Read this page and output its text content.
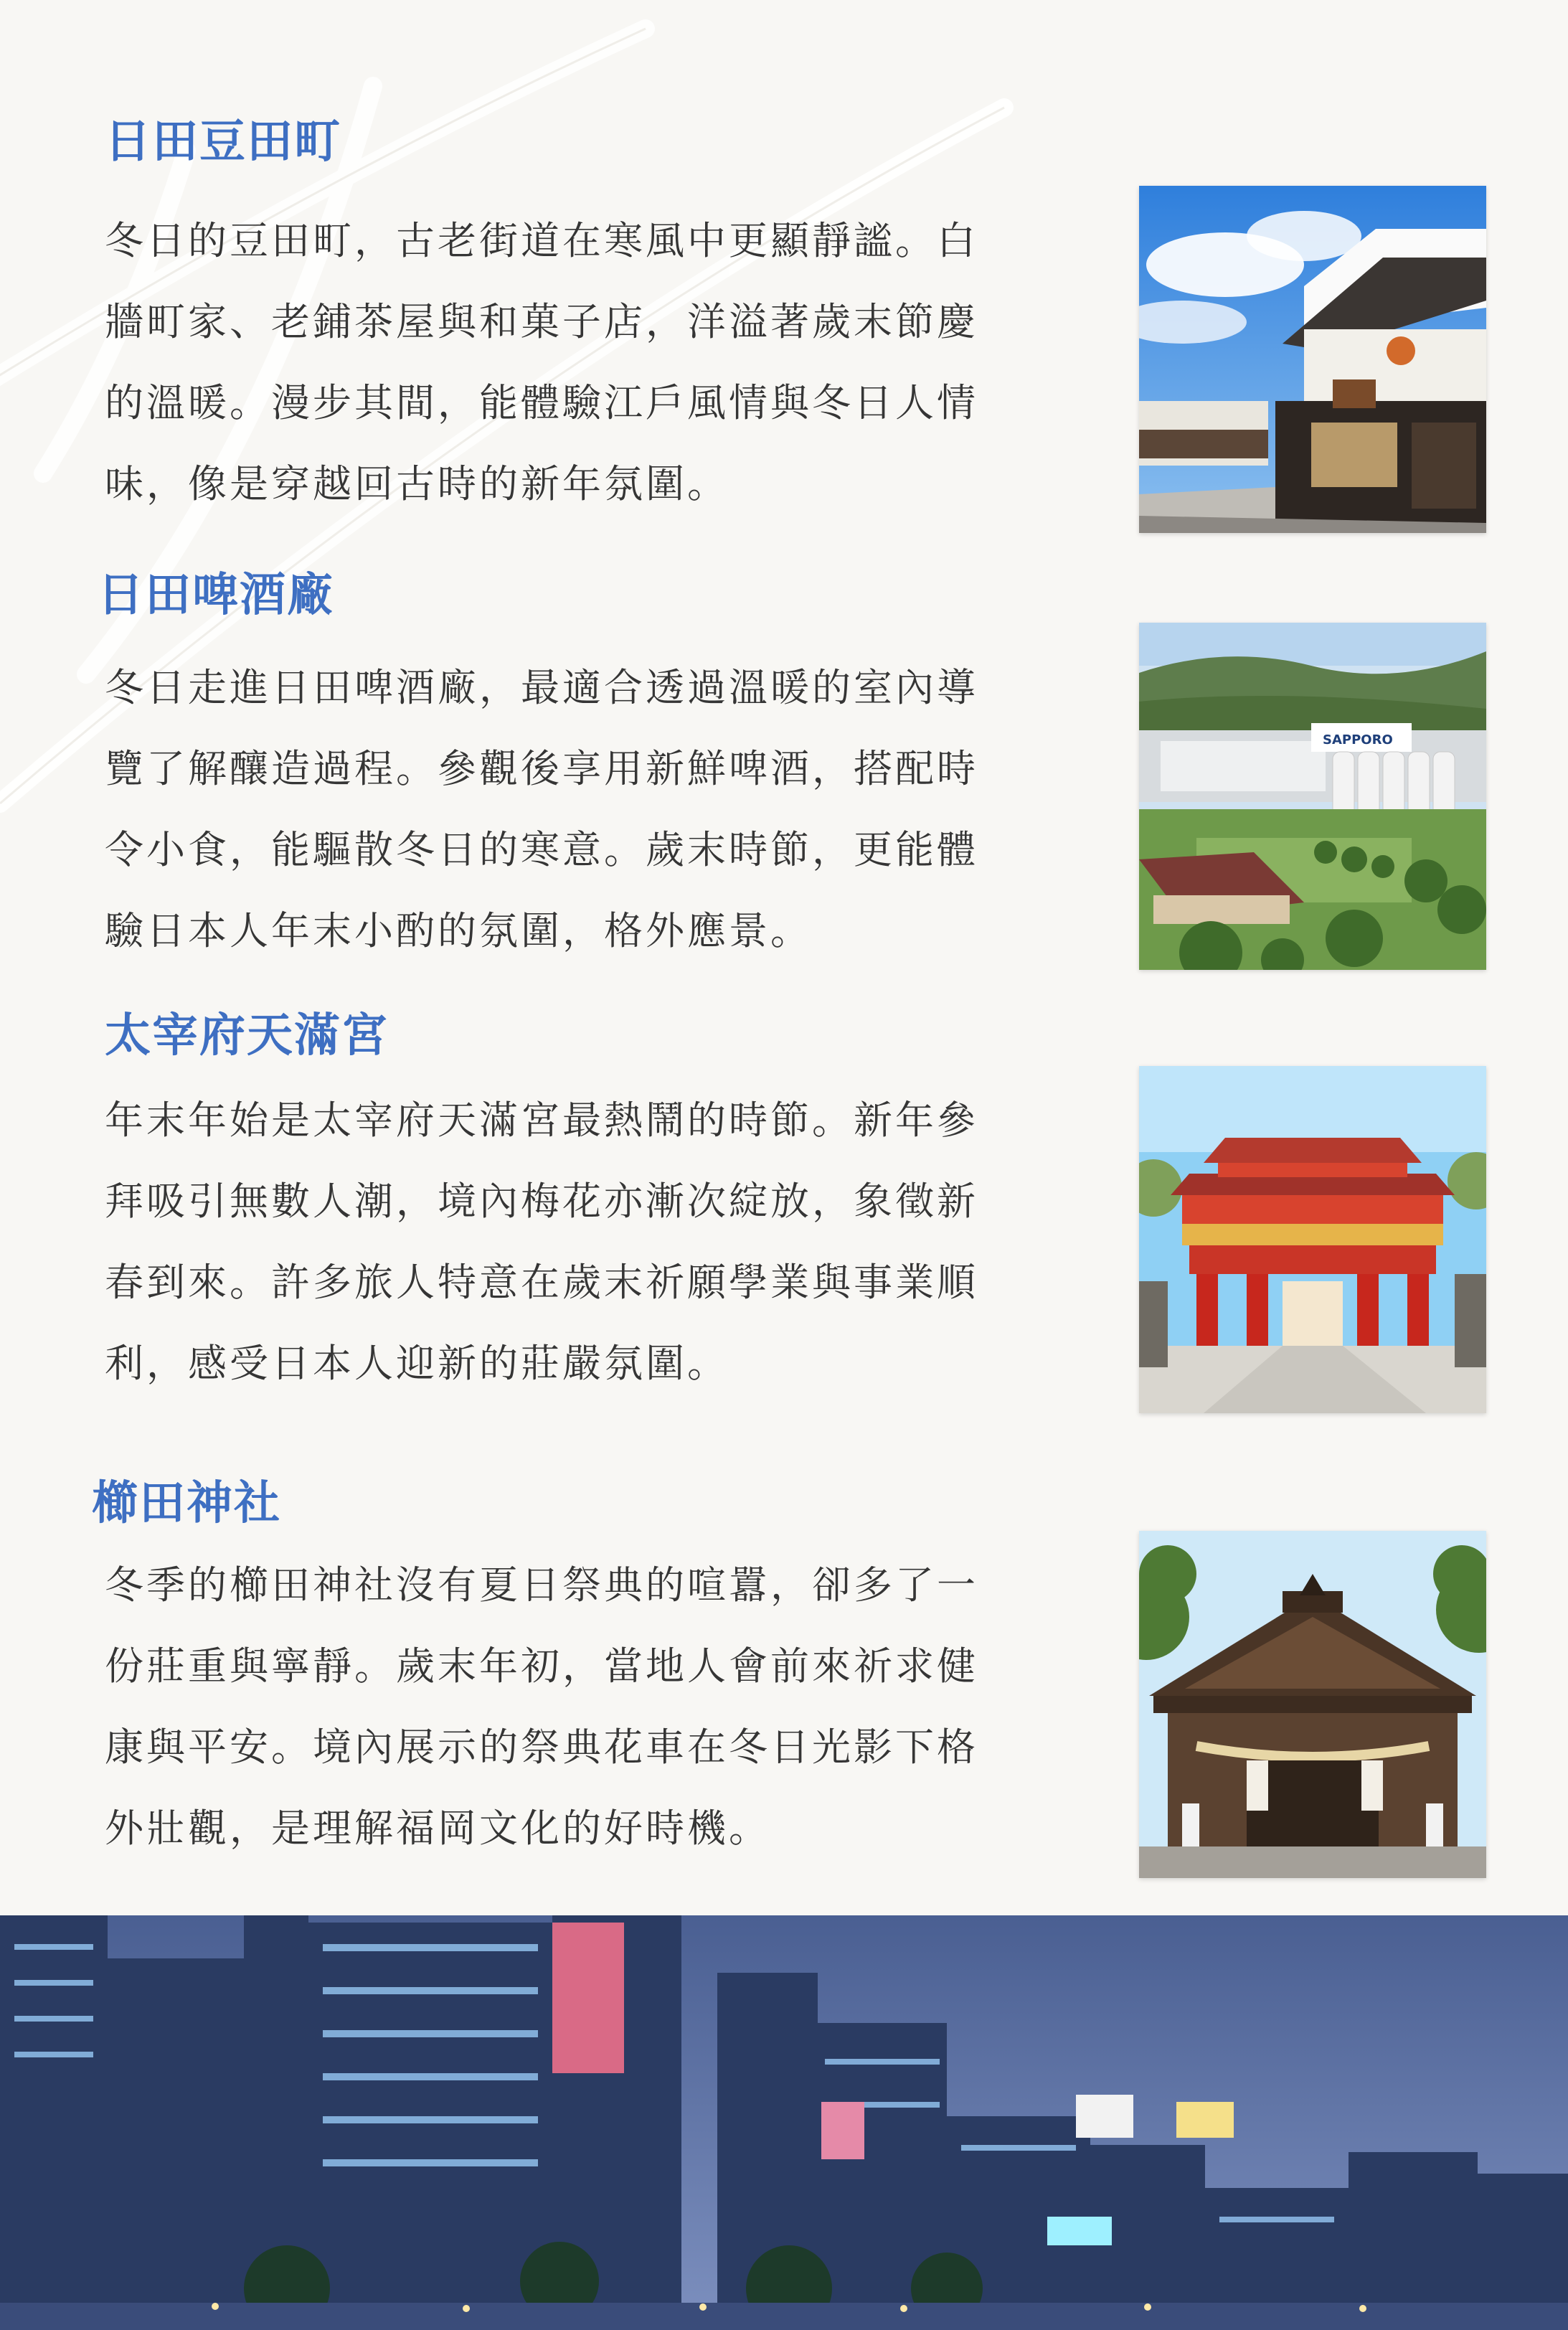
日田豆田町
冬日的豆田町，古老街道在寒風中更顯靜謐。白
牆町家、老鋪茶屋與和菓子店，洋溢著歲末節慶
的溫暖。漫步其間，能體驗江戶風情與冬日人情
味，像是穿越回古時的新年氛圍。
日田啤酒廠
冬日走進日田啤酒廠，最適合透過溫暖的室內導
覽了解釀造過程。參觀後享用新鮮啤酒，搭配時
令小食，能驅散冬日的寒意。歲末時節，更能體
驗日本人年末小酌的氛圍，格外應景。
SAPPORO
太宰府天滿宮
年末年始是太宰府天滿宮最熱鬧的時節。新年參
拜吸引無數人潮，境內梅花亦漸次綻放，象徵新
春到來。許多旅人特意在歲末祈願學業與事業順
利，感受日本人迎新的莊嚴氛圍。
櫛田神社
冬季的櫛田神社沒有夏日祭典的喧囂，卻多了一
份莊重與寧靜。歲末年初，當地人會前來祈求健
康與平安。境內展示的祭典花車在冬日光影下格
外壯觀，是理解福岡文化的好時機。
